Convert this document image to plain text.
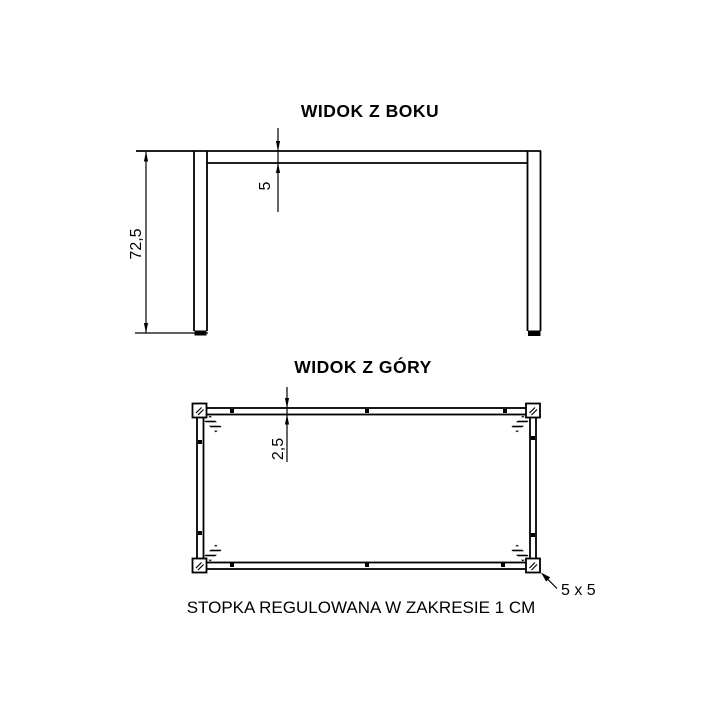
WIDOK Z BOKU
72,5
5
WIDOK Z GÓRY
2,5
5 x 5
STOPKA REGULOWANA W ZAKRESIE 1 CM
